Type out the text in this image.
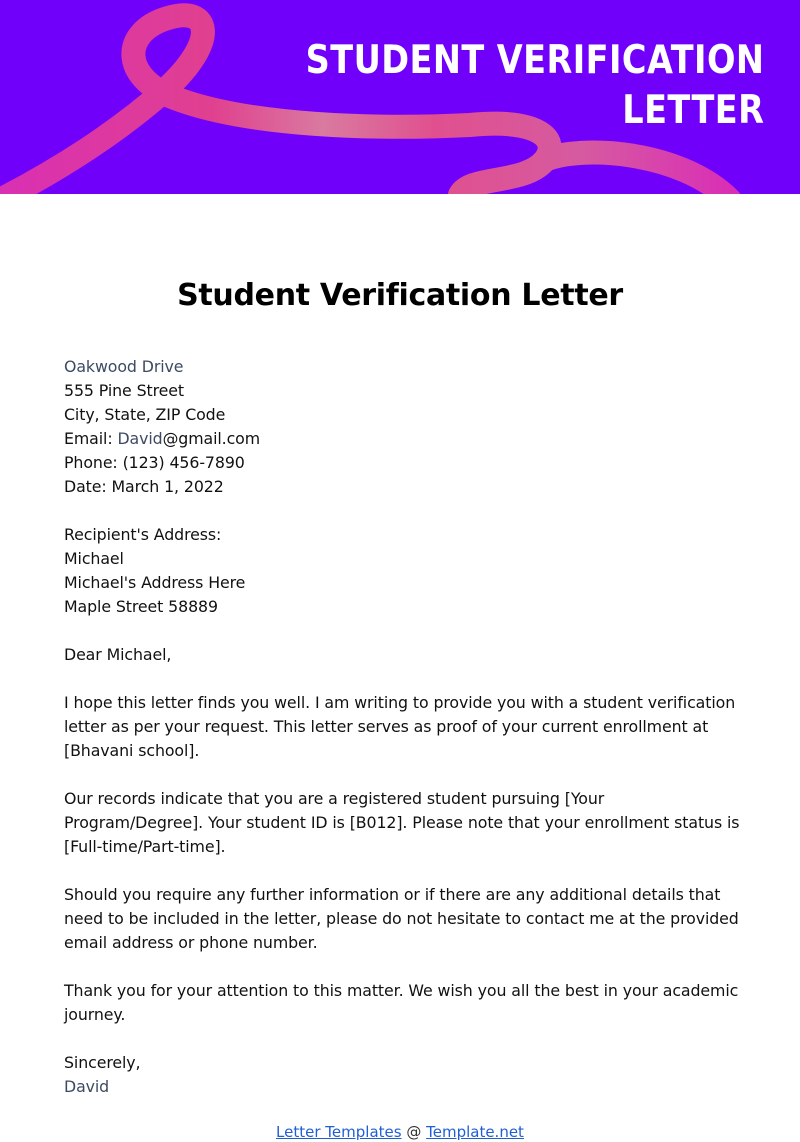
STUDENT VERIFICATION
LETTER
Student Verification Letter

Oakwood Drive
555 Pine Street
City, State, ZIP Code
Email: David@gmail.com
Phone: (123) 456-7890
Date: March 1, 2022

Recipient's Address:
Michael
Michael's Address Here
Maple Street 58889

Dear Michael,

I hope this letter finds you well. I am writing to provide you with a student verification letter as per your request. This letter serves as proof of your current enrollment at [Bhavani school].

Our records indicate that you are a registered student pursuing [Your Program/Degree]. Your student ID is [B012]. Please note that your enrollment status is [Full-time/Part-time].

Should you require any further information or if there are any additional details that need to be included in the letter, please do not hesitate to contact me at the provided email address or phone number.

Thank you for your attention to this matter. We wish you all the best in your academic journey.

Sincerely,
David

Letter Templates @ Template.net
